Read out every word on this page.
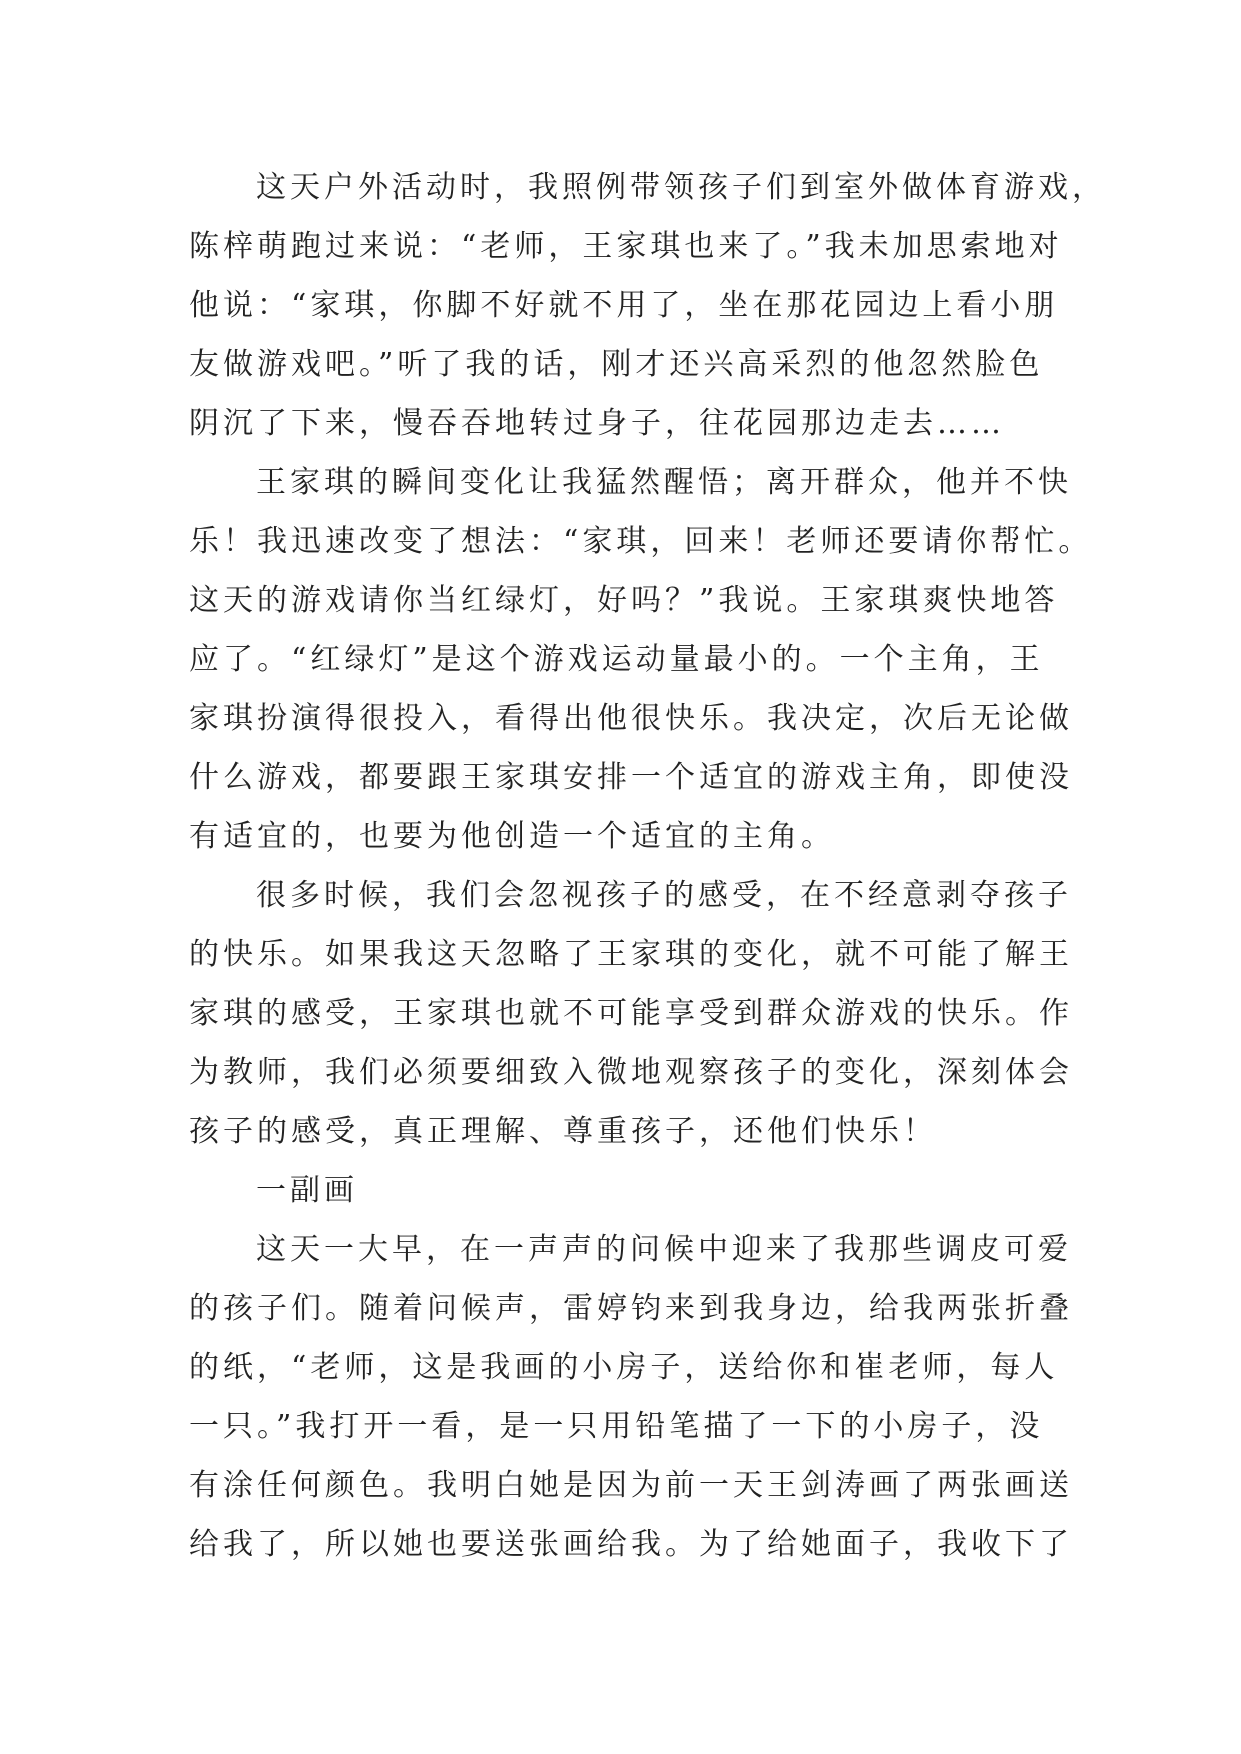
这天户外活动时，我照例带领孩子们到室外做体育游戏，
陈梓萌跑过来说：“老师，王家琪也来了。”我未加思索地对
他说：“家琪，你脚不好就不用了，坐在那花园边上看小朋
友做游戏吧。”听了我的话，刚才还兴高采烈的他忽然脸色
阴沉了下来，慢吞吞地转过身子，往花园那边走去……
王家琪的瞬间变化让我猛然醒悟；离开群众，他并不快
乐！我迅速改变了想法：“家琪，回来！老师还要请你帮忙。
这天的游戏请你当红绿灯，好吗？”我说。王家琪爽快地答
应了。“红绿灯”是这个游戏运动量最小的。一个主角，王
家琪扮演得很投入，看得出他很快乐。我决定，次后无论做
什么游戏，都要跟王家琪安排一个适宜的游戏主角，即使没
有适宜的，也要为他创造一个适宜的主角。
很多时候，我们会忽视孩子的感受，在不经意剥夺孩子
的快乐。如果我这天忽略了王家琪的变化，就不可能了解王
家琪的感受，王家琪也就不可能享受到群众游戏的快乐。作
为教师，我们必须要细致入微地观察孩子的变化，深刻体会
孩子的感受，真正理解、尊重孩子，还他们快乐！
一副画
这天一大早，在一声声的问候中迎来了我那些调皮可爱
的孩子们。随着问候声，雷婷钧来到我身边，给我两张折叠
的纸，“老师，这是我画的小房子，送给你和崔老师，每人
一只。”我打开一看，是一只用铅笔描了一下的小房子，没
有涂任何颜色。我明白她是因为前一天王剑涛画了两张画送
给我了，所以她也要送张画给我。为了给她面子，我收下了
